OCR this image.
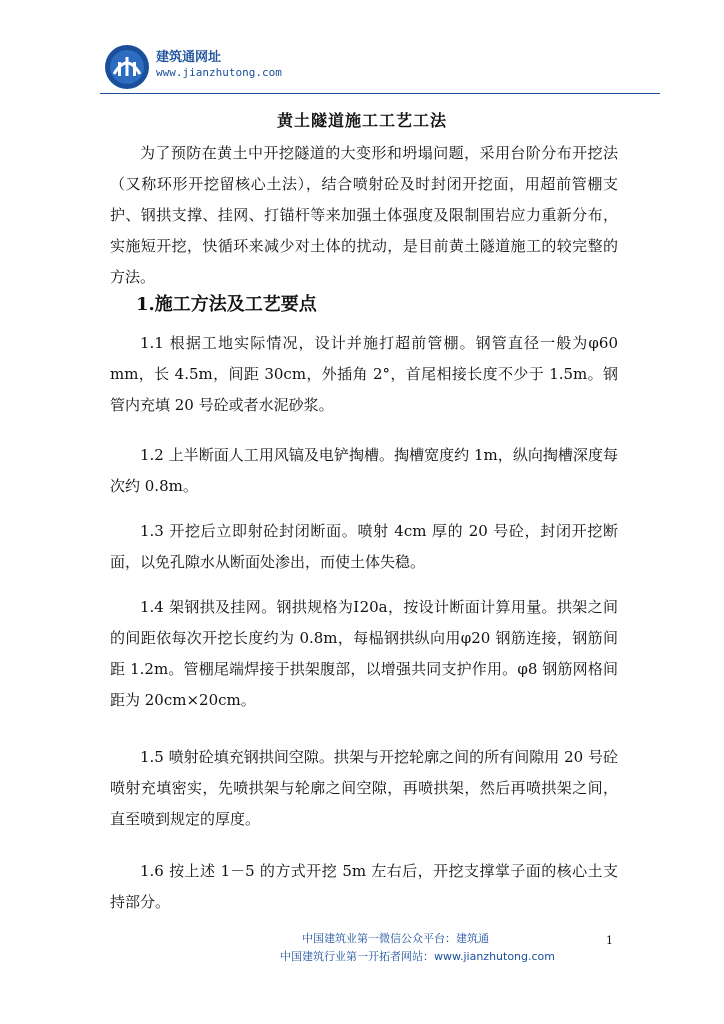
建筑通网址
www.jianzhutong.com
黄土隧道施工工艺工法

为了预防在黄土中开挖隧道的大变形和坍塌问题，采用台阶分布开挖法（又称环形开挖留核心土法），结合喷射砼及时封闭开挖面，用超前管棚支护、钢拱支撑、挂网、打锚杆等来加强土体强度及限制围岩应力重新分布，实施短开挖，快循环来减少对土体的扰动，是目前黄土隧道施工的较完整的方法。

1.施工方法及工艺要点

1.1 根据工地实际情况，设计并施打超前管棚。钢管直径一般为φ60 mm，长 4.5m，间距 30cm，外插角 2°，首尾相接长度不少于 1.5m。钢管内充填 20 号砼或者水泥砂浆。

1.2 上半断面人工用风镐及电铲掏槽。掏槽宽度约 1m，纵向掏槽深度每次约 0.8m。

1.3 开挖后立即射砼封闭断面。喷射 4cm 厚的 20 号砼，封闭开挖断面，以免孔隙水从断面处渗出，而使土体失稳。

1.4 架钢拱及挂网。钢拱规格为Ⅰ20a，按设计断面计算用量。拱架之间的间距依每次开挖长度约为 0.8m，每榀钢拱纵向用φ20 钢筋连接，钢筋间距 1.2m。管棚尾端焊接于拱架腹部，以增强共同支护作用。φ8 钢筋网格间距为 20cm×20cm。

1.5 喷射砼填充钢拱间空隙。拱架与开挖轮廓之间的所有间隙用 20 号砼喷射充填密实，先喷拱架与轮廓之间空隙，再喷拱架，然后再喷拱架之间，直至喷到规定的厚度。

1.6 按上述 1－5 的方式开挖 5m 左右后，开挖支撑掌子面的核心土支持部分。

中国建筑业第一微信公众平台：建筑通	1
中国建筑行业第一开拓者网站：www.jianzhutong.com
